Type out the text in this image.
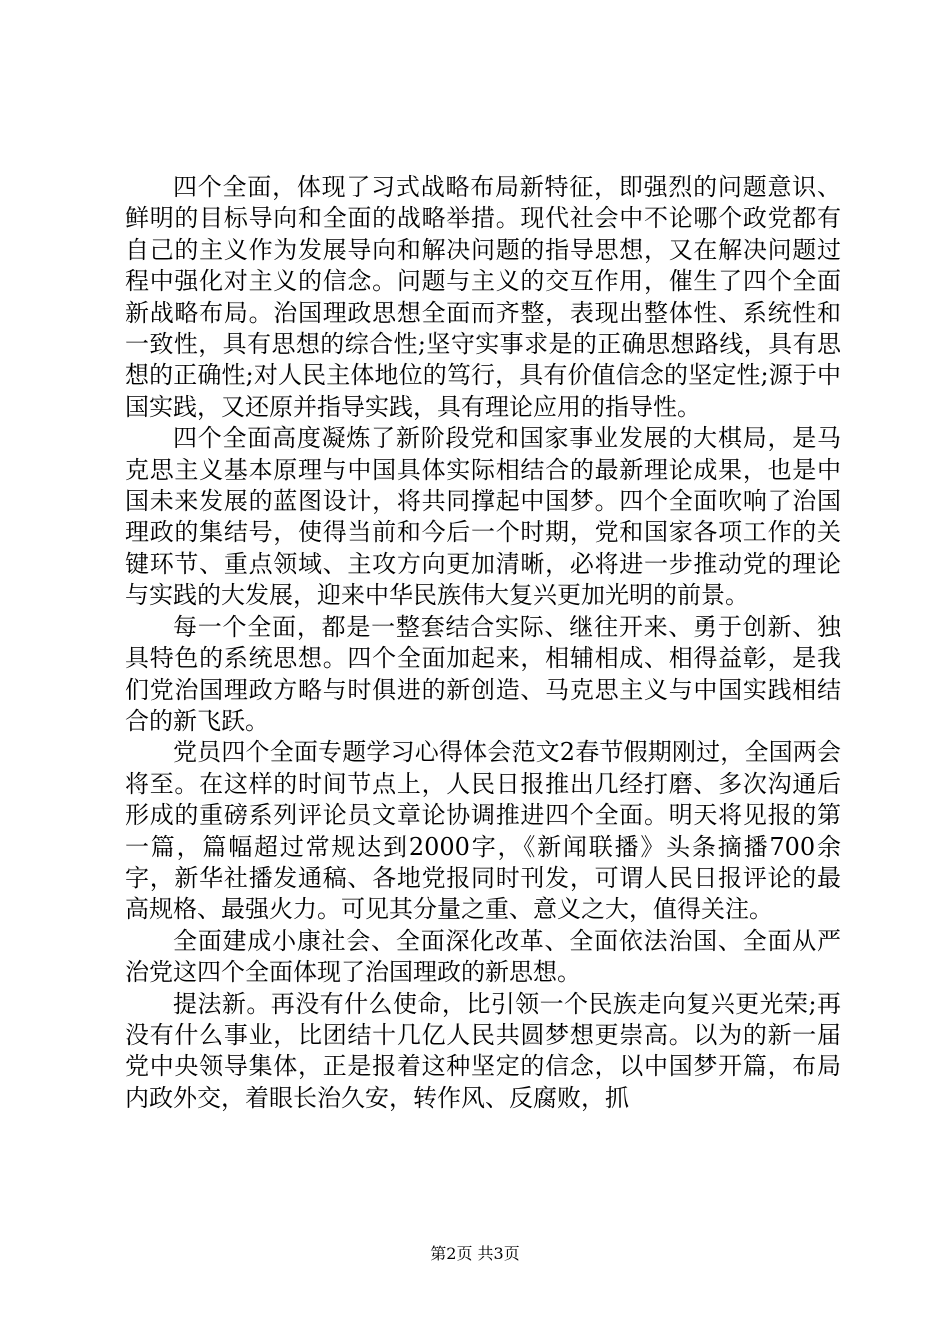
四个全面，体现了习式战略布局新特征，即强烈的问题意识、鲜明的目标导向和全面的战略举措。现代社会中不论哪个政党都有自己的主义作为发展导向和解决问题的指导思想，又在解决问题过程中强化对主义的信念。问题与主义的交互作用，催生了四个全面新战略布局。治国理政思想全面而齐整，表现出整体性、系统性和一致性，具有思想的综合性;坚守实事求是的正确思想路线，具有思想的正确性;对人民主体地位的笃行，具有价值信念的坚定性;源于中国实践，又还原并指导实践，具有理论应用的指导性。

四个全面高度凝炼了新阶段党和国家事业发展的大棋局，是马克思主义基本原理与中国具体实际相结合的最新理论成果，也是中国未来发展的蓝图设计，将共同撑起中国梦。四个全面吹响了治国理政的集结号，使得当前和今后一个时期，党和国家各项工作的关键环节、重点领域、主攻方向更加清晰，必将进一步推动党的理论与实践的大发展，迎来中华民族伟大复兴更加光明的前景。

每一个全面，都是一整套结合实际、继往开来、勇于创新、独具特色的系统思想。四个全面加起来，相辅相成、相得益彰，是我们党治国理政方略与时俱进的新创造、马克思主义与中国实践相结合的新飞跃。

党员四个全面专题学习心得体会范文2春节假期刚过，全国两会将至。在这样的时间节点上，人民日报推出几经打磨、多次沟通后形成的重磅系列评论员文章论协调推进四个全面。明天将见报的第一篇，篇幅超过常规达到2000字，《新闻联播》头条摘播700余字，新华社播发通稿、各地党报同时刊发，可谓人民日报评论的最高规格、最强火力。可见其分量之重、意义之大，值得关注。

全面建成小康社会、全面深化改革、全面依法治国、全面从严治党这四个全面体现了治国理政的新思想。

提法新。再没有什么使命，比引领一个民族走向复兴更光荣;再没有什么事业，比团结十几亿人民共圆梦想更崇高。以为的新一届党中央领导集体，正是报着这种坚定的信念，以中国梦开篇，布局内政外交，着眼长治久安，转作风、反腐败，抓

第2页 共3页
